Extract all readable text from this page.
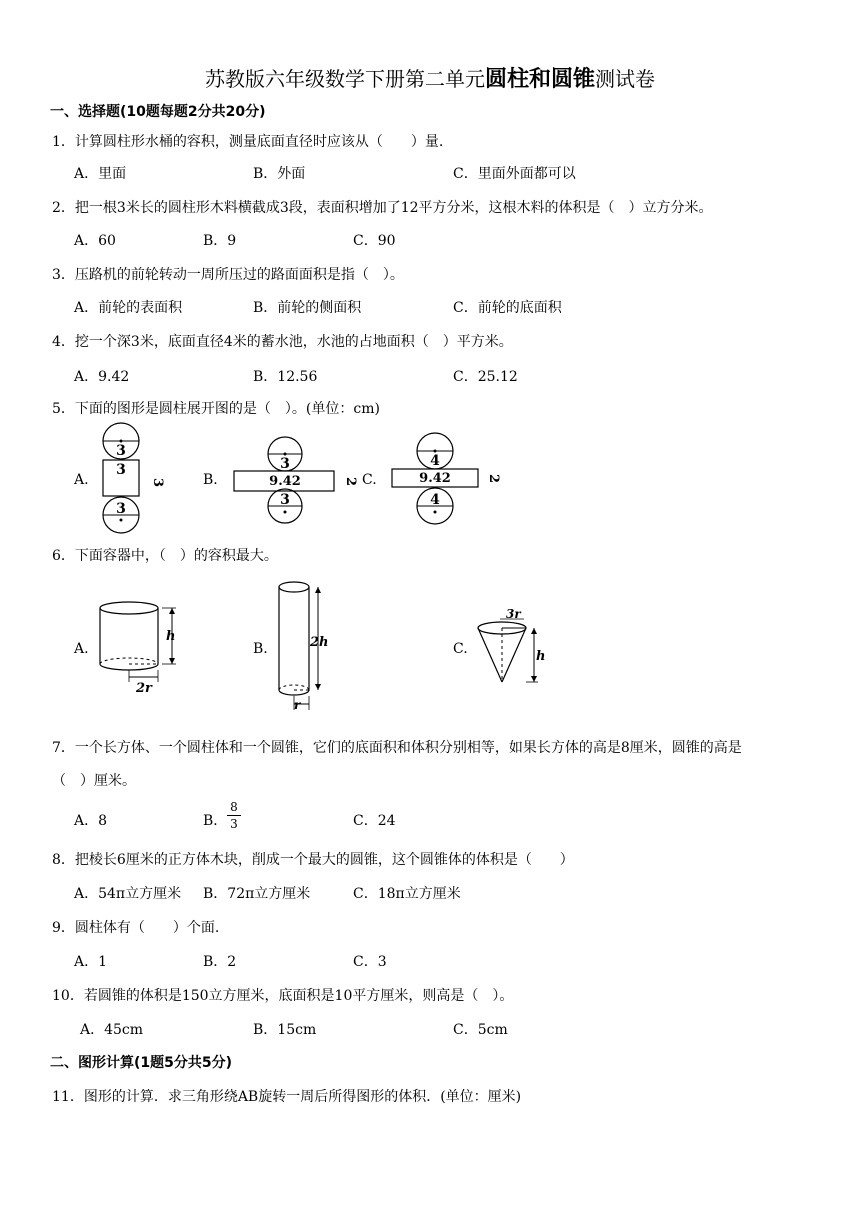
苏教版六年级数学下册第二单元圆柱和圆锥测试卷
一、选择题(10题每题2分共20分)
1．计算圆柱形水桶的容积，测量底面直径时应该从（　　）量.
A．里面	B．外面	C．里面外面都可以
2．把一根3米长的圆柱形木料横截成3段，表面积增加了12平方分米，这根木料的体积是（　）立方分米。
A．60	B．9	C．90
3．压路机的前轮转动一周所压过的路面面积是指（　）。
A．前轮的表面积	B．前轮的侧面积	C．前轮的底面积
4．挖一个深3米，底面直径4米的蓄水池，水池的占地面积（　）平方米。
A．9.42	B．12.56	C．25.12
5．下面的图形是圆柱展开图的是（　）。(单位：cm)
A.	B.	C.
3
3
3
3
3
9.42	2
3
4
9.42	2
4
6．下面容器中，（　）的容积最大。
A.	B.	C.
h
2r
2h
r
3r
h
7．一个长方体、一个圆柱体和一个圆锥，它们的底面积和体积分别相等，如果长方体的高是8厘米，圆锥的高是
（　）厘米。
A．8	B．
8
3	C．24
8．把棱长6厘米的正方体木块，削成一个最大的圆锥，这个圆锥体的体积是（　　）
A．54π立方厘米 B．72π立方厘米	C．18π立方厘米
9．圆柱体有（　　）个面.
A．1	B．2	C．3
10．若圆锥的体积是150立方厘米，底面积是10平方厘米，则高是（　）。
A．45cm	B．15cm	C．5cm
二、图形计算(1题5分共5分)
11．图形的计算．求三角形绕AB旋转一周后所得图形的体积．(单位：厘米)
